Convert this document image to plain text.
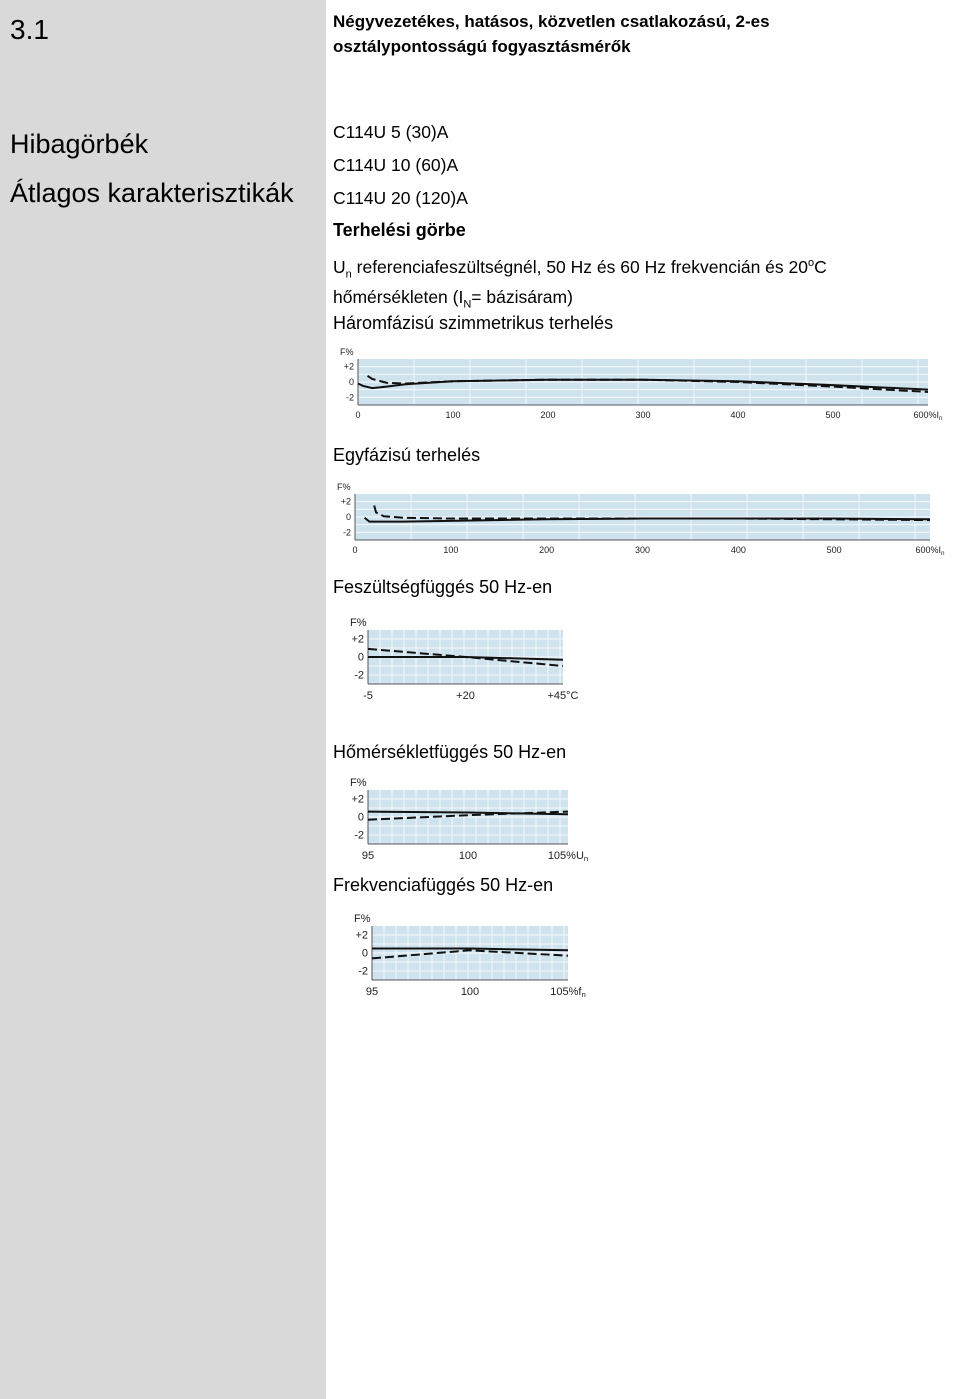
3.1	Négyvezetékes, hatásos, közvetlen csatlakozású, 2-es
osztálypontosságú fogyasztásmérők
Hibagörbék
Átlagos karakterisztikák
C114U 5 (30)A
C114U 10 (60)A
C114U 20 (120)A
Terhelési görbe
$U_n$ referenciafeszültségnél, 50 Hz és 60 Hz frekvencián és 20$^o$C
hőmérsékleten ($I_N=$ bázisáram)
Háromfázisú szimmetrikus terhelés
F%
+2
0
-2
0	100	200	300	400	500	$600\%I_n$
Egyfázisú terhelés
F%
+2
0
-2
0	100	200	300	400	500	$600\%I_n$
Feszültségfüggés 50 Hz-en
F%
+2
0
-2
-5	+20	+45°C
Hőmérsékletfüggés 50 Hz-en
F%
+2
0
-2
95	100	105%Un
Frekvenciafüggés 50 Hz-en
F%
+2
0
-2
95	100	105%fn
